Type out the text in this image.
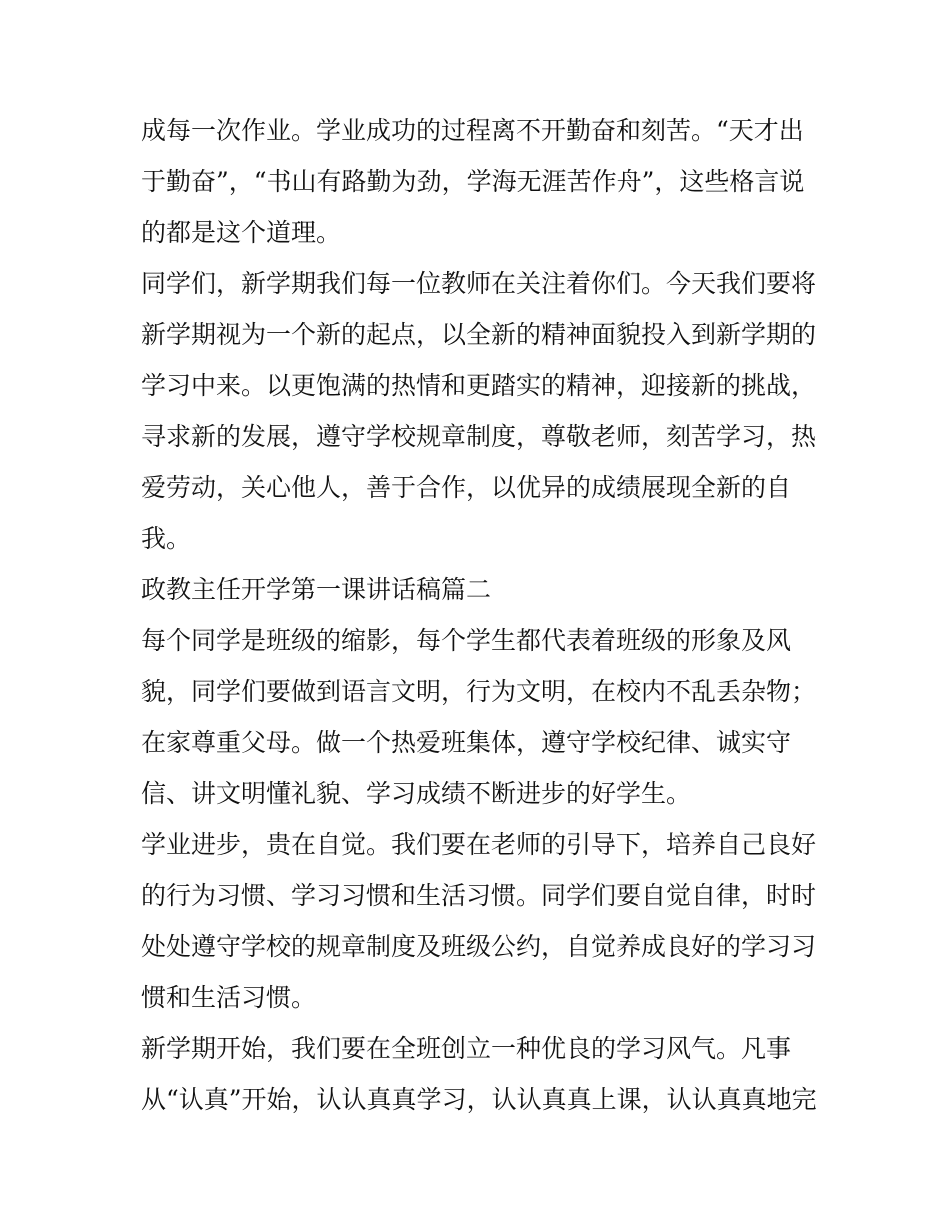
成每一次作业。学业成功的过程离不开勤奋和刻苦。“天才出
于勤奋”，“书山有路勤为劲，学海无涯苦作舟”，这些格言说
的都是这个道理。
同学们，新学期我们每一位教师在关注着你们。今天我们要将
新学期视为一个新的起点，以全新的精神面貌投入到新学期的
学习中来。以更饱满的热情和更踏实的精神，迎接新的挑战，
寻求新的发展，遵守学校规章制度，尊敬老师，刻苦学习，热
爱劳动，关心他人，善于合作，以优异的成绩展现全新的自
我。
政教主任开学第一课讲话稿篇二
每个同学是班级的缩影，每个学生都代表着班级的形象及风
貌，同学们要做到语言文明，行为文明，在校内不乱丢杂物；
在家尊重父母。做一个热爱班集体，遵守学校纪律、诚实守
信、讲文明懂礼貌、学习成绩不断进步的好学生。
学业进步，贵在自觉。我们要在老师的引导下，培养自己良好
的行为习惯、学习习惯和生活习惯。同学们要自觉自律，时时
处处遵守学校的规章制度及班级公约，自觉养成良好的学习习
惯和生活习惯。
新学期开始，我们要在全班创立一种优良的学习风气。凡事
从“认真”开始，认认真真学习，认认真真上课，认认真真地完
